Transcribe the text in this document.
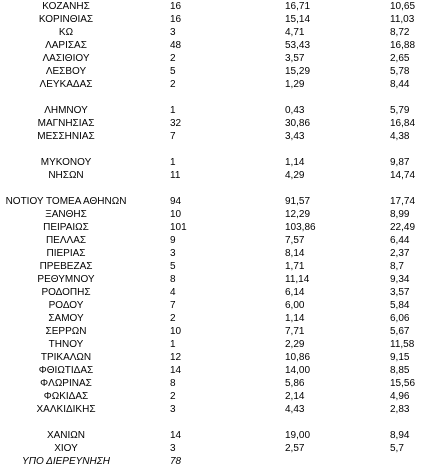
ΚΟΖΑΝΗΣ	16	16,71	10,65
ΚΟΡΙΝΘΙΑΣ	16	15,14	11,03
ΚΩ	3	4,71	8,72
ΛΑΡΙΣΑΣ	48	53,43	16,88
ΛΑΣΙΘΙΟΥ	2	3,57	2,65
ΛΕΣΒΟΥ	5	15,29	5,78
ΛΕΥΚΑΔΑΣ	2	1,29	8,44
ΛΗΜΝΟΥ	1	0,43	5,79
ΜΑΓΝΗΣΙΑΣ	32	30,86	16,84
ΜΕΣΣΗΝΙΑΣ	7	3,43	4,38
ΜΥΚΟΝΟΥ	1	1,14	9,87
ΝΗΣΩΝ	11	4,29	14,74
ΝΟΤΙΟΥ ΤΟΜΕΑ ΑΘΗΝΩΝ	94	91,57	17,74
ΞΑΝΘΗΣ	10	12,29	8,99
ΠΕΙΡΑΙΩΣ	101	103,86	22,49
ΠΕΛΛΑΣ	9	7,57	6,44
ΠΙΕΡΙΑΣ	3	8,14	2,37
ΠΡΕΒΕΖΑΣ	5	1,71	8,7
ΡΕΘΥΜΝΟΥ	8	11,14	9,34
ΡΟΔΟΠΗΣ	4	6,14	3,57
ΡΟΔΟΥ	7	6,00	5,84
ΣΑΜΟΥ	2	1,14	6,06
ΣΕΡΡΩΝ	10	7,71	5,67
ΤΗΝΟΥ	1	2,29	11,58
ΤΡΙΚΑΛΩΝ	12	10,86	9,15
ΦΘΙΩΤΙΔΑΣ	14	14,00	8,85
ΦΛΩΡΙΝΑΣ	8	5,86	15,56
ΦΩΚΙΔΑΣ	2	2,14	4,96
ΧΑΛΚΙΔΙΚΗΣ	3	4,43	2,83
ΧΑΝΙΩΝ	14	19,00	8,94
ΧΙΟΥ	3	2,57	5,7
ΥΠΟ ΔΙΕΡΕΥΝΗΣΗ	78
